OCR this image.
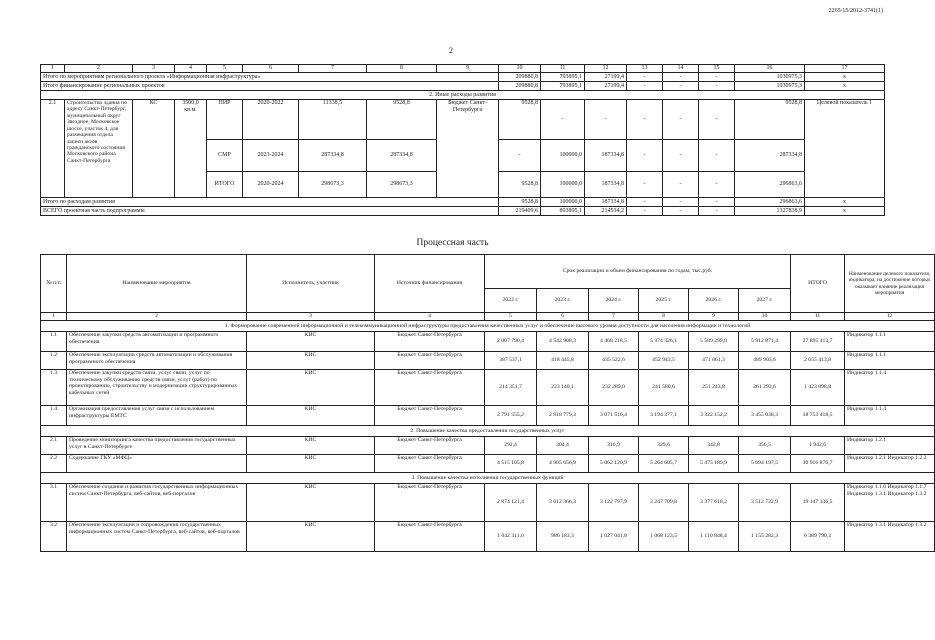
2265/15/2012-3741(1)
2
1	2	3	4	5	6	7	8	9	10	11	12	13	14	15	16	17
Итого по мероприятиям регионального проекта «Информационная инфраструктура»									209880,8	793895,1	27199,4	-	-	-	1030975,3	x
Итого финансирование региональных проектов									209880,8	793895,1	27199,4	-	-	-	1030975,3	x
2. Иные расходы развития																
2.1	Строительство здания по адресу Санкт-Петербург, муниципальный округ Звездное, Московское шоссе, участок 4, для размещения отдела записи актов гражданского состояния Московского района Санкт-Петербурга	КС	3500,0 кв.м.	ПИР	2020-2022	11338,5	9528,8	Бюджет Санкт-Петербурга	9528,8	-	-	-	-	-	9528,8	Целевой показатель 1
				СМР	2023-2024	287334,8	287334,8		-	100000,0	187334,8	-	-	-	287334,8	
				ИТОГО	2020-2024	298673,3	298673,3		9528,8	100000,0	187334,8	-	-	-	296863,6	
Итого по расходам развития									9528,8	100000,0	187334,8	-	-	-	296863,6	x
ВСЕГО проектная часть подпрограммы									219409,6	893895,1	214534,2	-	-	-	1327838,9	x
Процессная часть
№ п/п	Наименование мероприятия	Исполнитель, участник	Источник финансирования	Срок реализации и объем финансирования по годам, тыс.руб.						ИТОГО	Наименование целевого показателя, индикатора, на достижение которых оказывает влияние реализация мероприятия
				2022 г.	2023 г.	2024 г.	2025 г.	2026 г.	2027 г.		
1	2	3	4	5	6	7	8	9	10	11	12
1. Формирование современной информационной и телекоммуникационной инфраструктуры предоставления качественных услуг и обеспечение высокого уровня доступности для населения информации и технологий											
1.1	Обеспечение закупки средств автоматизации и программного обеспечения	КИС	Бюджет Санкт-Петербурга	2 007 790,4	4 542 908,3	4 468 218,5	5 374 326,1	5 589 299,0	5 912 871,4	27 895 413,7	Индикатор 1.1.1
1.2	Обеспечение эксплуатации средств автоматизации и обслуживания программного обеспечения	КИС	Бюджет Санкт-Петербурга	387 537,1	418 445,8	435 522,6	452 943,5	471 061,3	489 903,6	2 655 413,8	Индикатор 1.1.1
1.3	Обеспечение закупки средств связи, услуг связи, услуг по техническому обслуживанию средств связи, услуг (работ) по проектированию, строительству и модернизации структурированных кабельных сетей	КИС	Бюджет Санкт-Петербурга	214 351,7	223 140,1	232 289,0	241 580,6	251 243,8	261 293,6	1 423 898,8	Индикатор 1.1.4
1.4	Организация предоставления услуг связи с использованием инфраструктуры ЕМТС	КИС	Бюджет Санкт-Петербурга	2 791 555,2	2 918 779,3	3 071 516,4	3 194 377,1	3 322 152,2	3 455 038,3	18 753 418,5	Индикатор 1.1.4
2. Повышение качества предоставления государственных услуг											
2.1	Проведение мониторинга качества предоставления государственных услуг в Санкт-Петербурге	КИС	Бюджет Санкт-Петербурга	292,4	304,4	316,9	329,6	342,8	356,5	1 942,6	Индикатор 1.2.1
2.2	Содержание ГКУ «МФЦ»	КИС	Бюджет Санкт-Петербурга	4 515 105,8	4 905 656,9	5 062 120,9	5 264 605,7	5 475 189,9	5 694 197,5	30 916 876,7	Индикатор 1.2.1 Индикатор 1.2.2
3. Повышение качества исполнения государственных функций											
3.1	Обеспечение создания и развития государственных информационных систем Санкт-Петербурга, веб-сайтов, веб-порталов	КИС	Бюджет Санкт-Петербурга	2 874 121,4	3 012 366,3	3 122 797,9	3 247 709,8	3 377 618,2	3 512 722,9	19 147 336,5	Индикатор 1.1.6 Индикатор 1.1.7 Индикатор 1.3.1 Индикатор 1.3.2
3.2	Обеспечение эксплуатации и сопровождения государственных информационных систем Санкт-Петербурга, веб-сайтов, веб-порталов	КИС	Бюджет Санкт-Петербурга	1 042 311,0	986 183,3	1 027 041,8	1 068 123,5	1 110 848,4	1 155 282,3	6 389 790,3	Индикатор 1.3.1 Индикатор 1.3.2
